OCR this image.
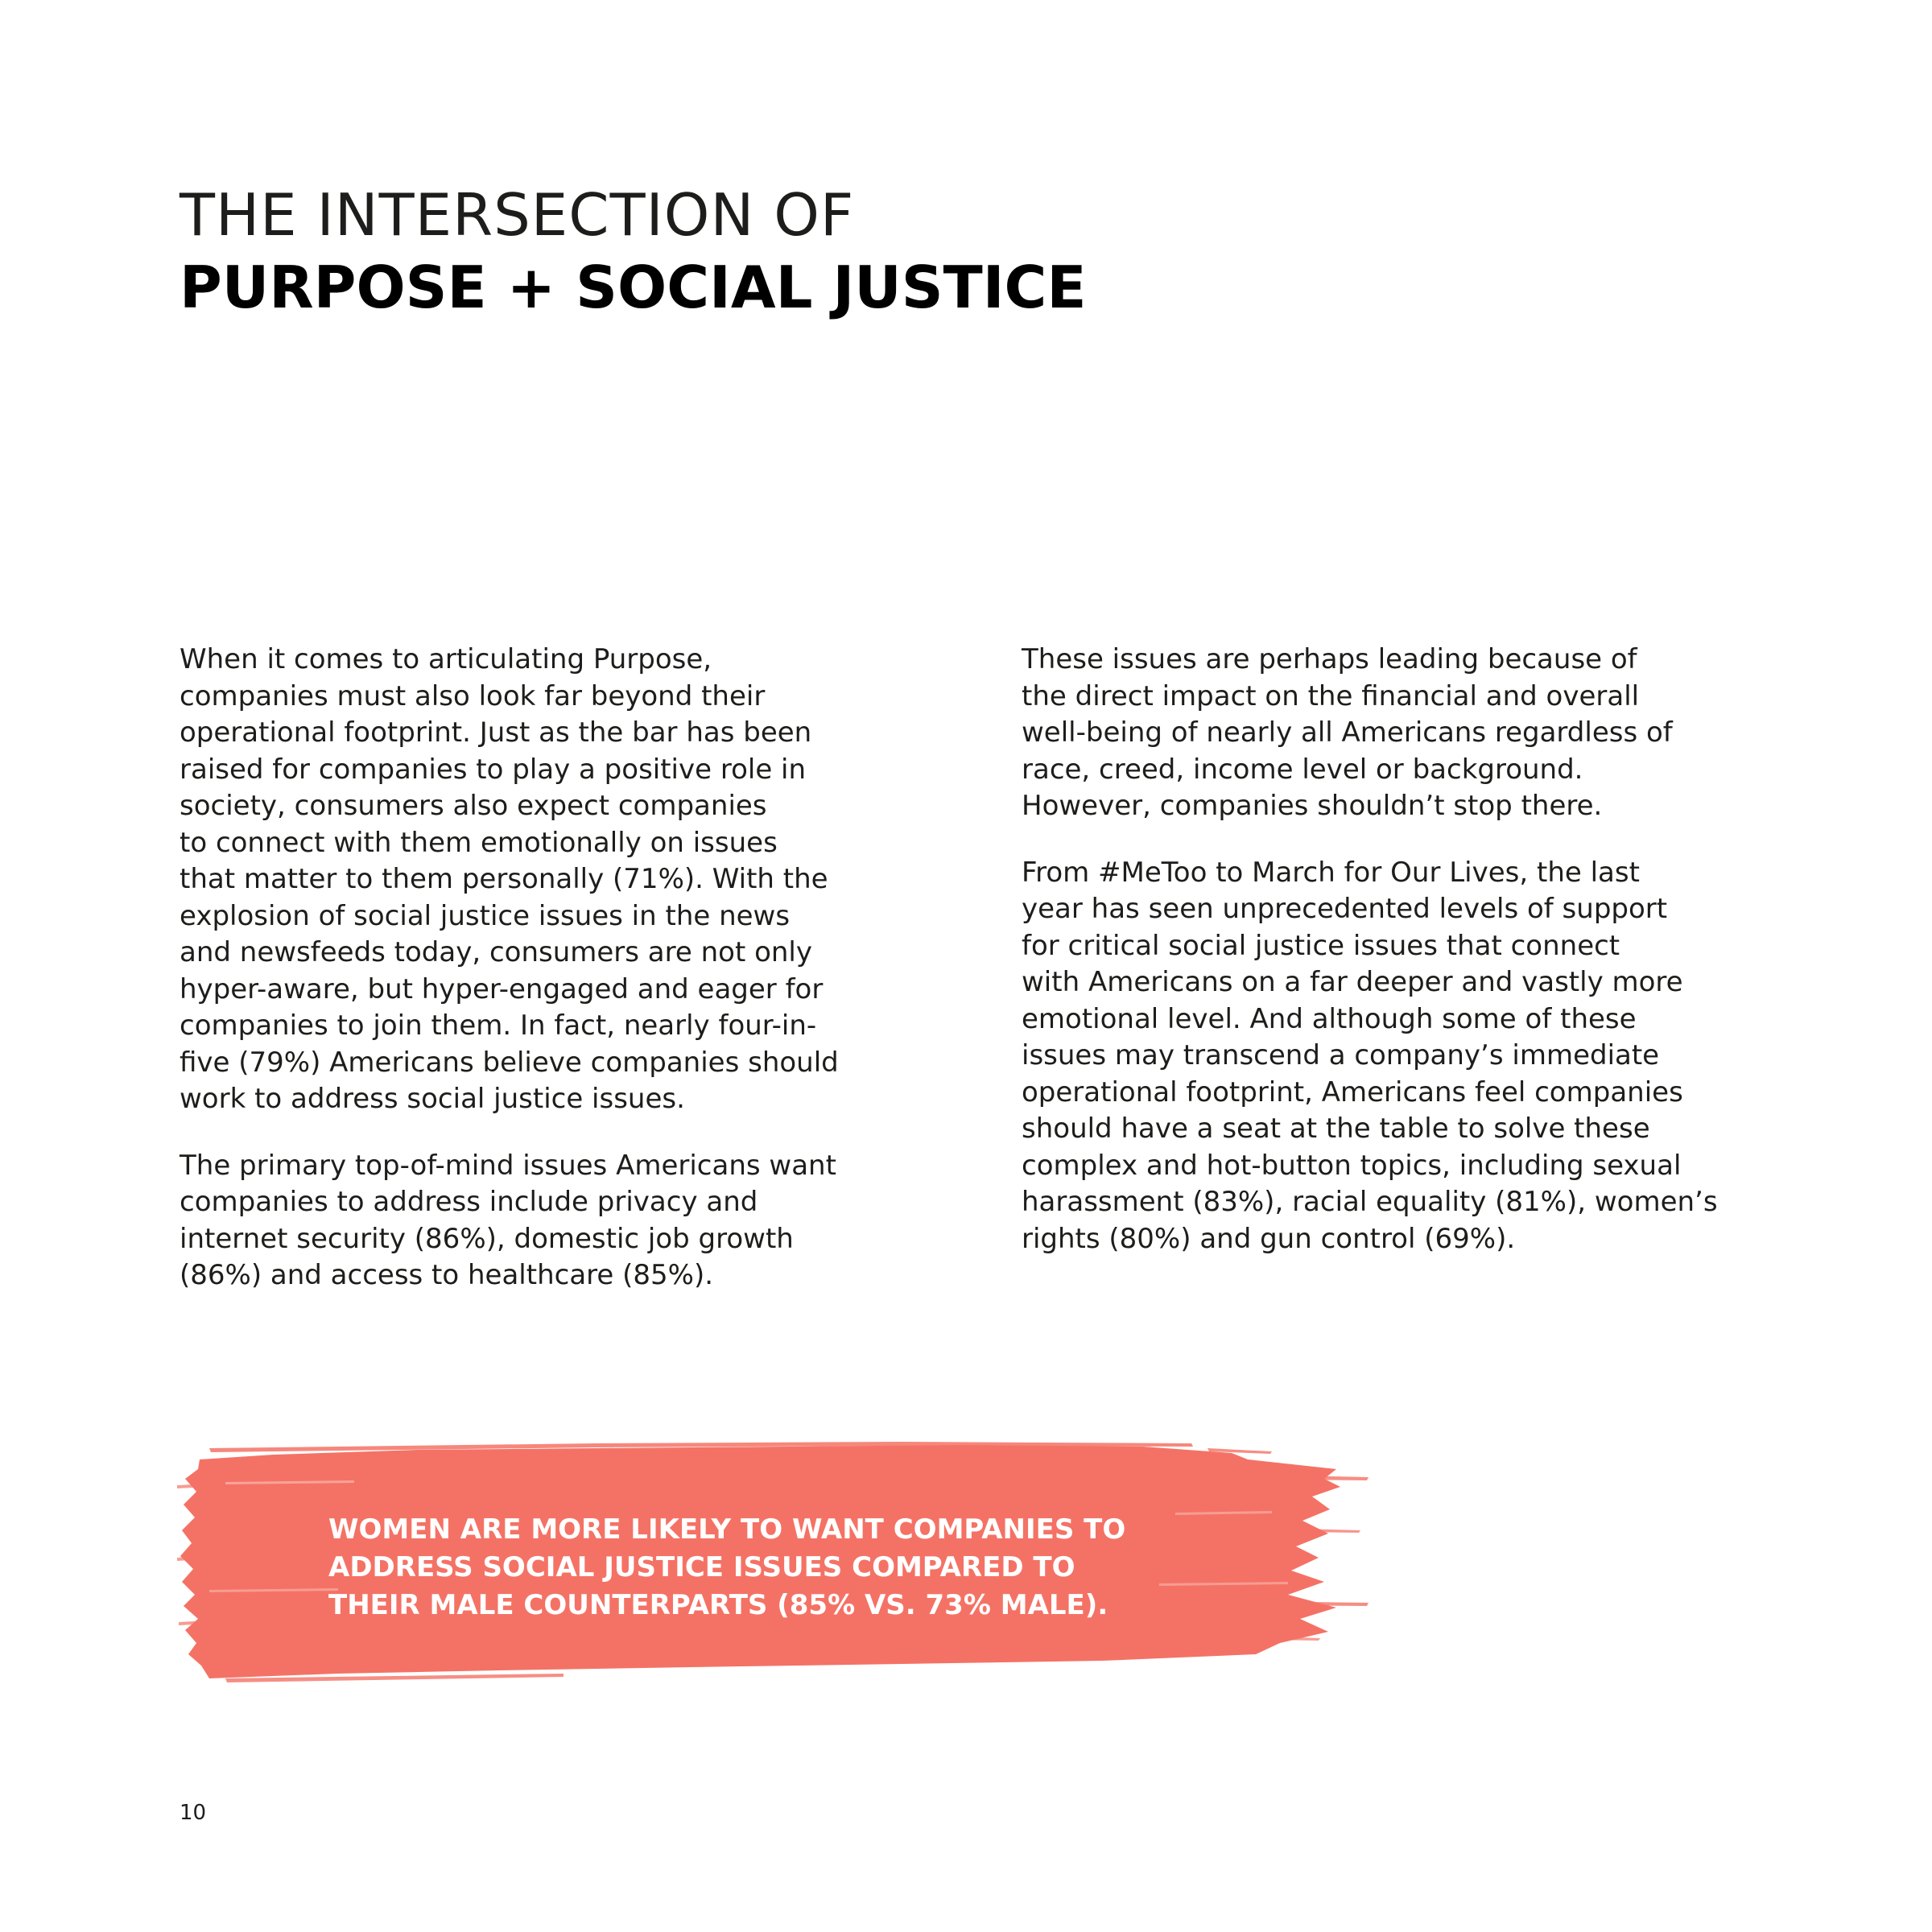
THE INTERSECTION OF
PURPOSE + SOCIAL JUSTICE

When it comes to articulating Purpose,
companies must also look far beyond their
operational footprint. Just as the bar has been
raised for companies to play a positive role in
society, consumers also expect companies
to connect with them emotionally on issues
that matter to them personally (71%). With the
explosion of social justice issues in the news
and newsfeeds today, consumers are not only
hyper-aware, but hyper-engaged and eager for
companies to join them. In fact, nearly four-in-
five (79%) Americans believe companies should
work to address social justice issues.

The primary top-of-mind issues Americans want
companies to address include privacy and
internet security (86%), domestic job growth
(86%) and access to healthcare (85%).

These issues are perhaps leading because of
the direct impact on the financial and overall
well-being of nearly all Americans regardless of
race, creed, income level or background.
However, companies shouldn’t stop there.

From #MeToo to March for Our Lives, the last
year has seen unprecedented levels of support
for critical social justice issues that connect
with Americans on a far deeper and vastly more
emotional level. And although some of these
issues may transcend a company’s immediate
operational footprint, Americans feel companies
should have a seat at the table to solve these
complex and hot-button topics, including sexual
harassment (83%), racial equality (81%), women’s
rights (80%) and gun control (69%).

WOMEN ARE MORE LIKELY TO WANT COMPANIES TO
ADDRESS SOCIAL JUSTICE ISSUES COMPARED TO
THEIR MALE COUNTERPARTS (85% VS. 73% MALE).
10
